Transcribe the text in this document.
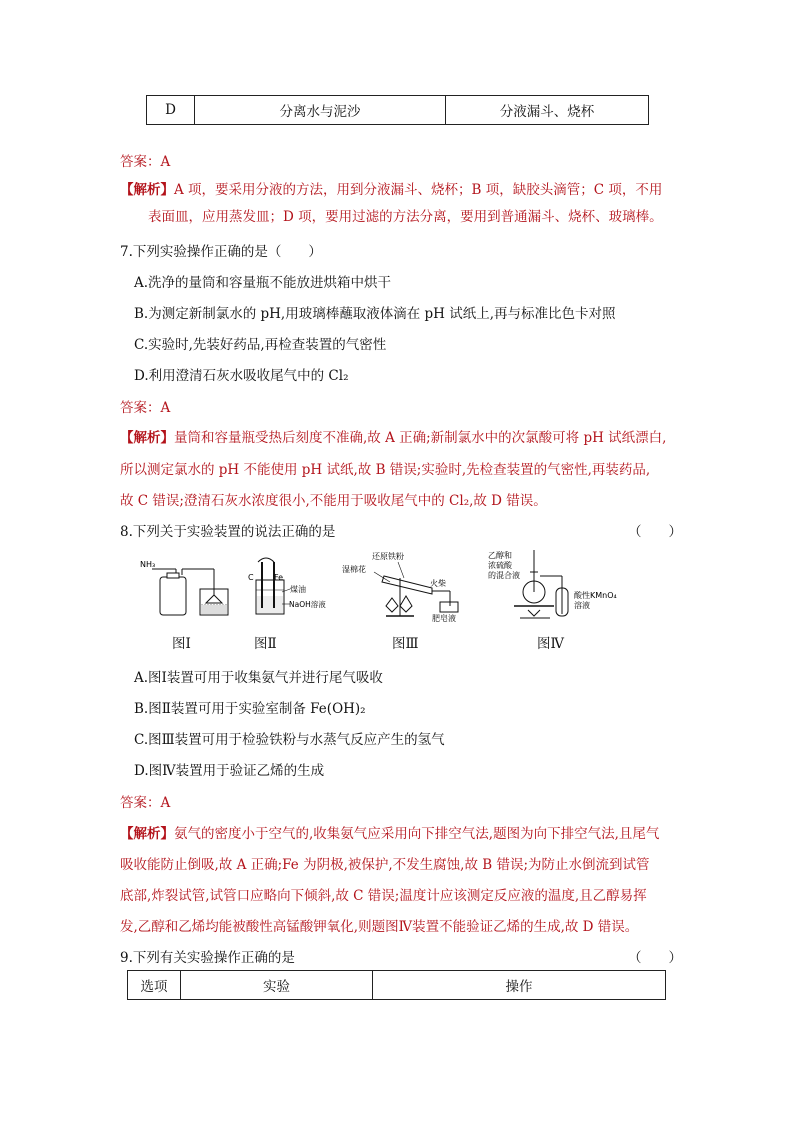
D	分离水与泥沙	分液漏斗、烧杯
答案：A
【解析】A 项，要采用分液的方法，用到分液漏斗、烧杯；B 项，缺胶头滴管；C 项，不用
表面皿，应用蒸发皿；D 项，要用过滤的方法分离，要用到普通漏斗、烧杯、玻璃棒。
7.下列实验操作正确的是（　　）
A.洗净的量筒和容量瓶不能放进烘箱中烘干
B.为测定新制氯水的 pH,用玻璃棒蘸取液体滴在 pH 试纸上,再与标准比色卡对照
C.实验时,先装好药品,再检查装置的气密性
D.利用澄清石灰水吸收尾气中的 Cl₂
答案：A
【解析】量筒和容量瓶受热后刻度不准确,故 A 正确;新制氯水中的次氯酸可将 pH 试纸漂白,
所以测定氯水的 pH 不能使用 pH 试纸,故 B 错误;实验时,先检查装置的气密性,再装药品,
故 C 错误;澄清石灰水浓度很小,不能用于吸收尾气中的 Cl₂,故 D 错误。
8.下列关于实验装置的说法正确的是	（　　）
NH₃
图Ⅰ
C	Fe
煤油
NaOH溶液
图Ⅱ
还原铁粉
湿棉花
火柴
肥皂液
图Ⅲ
乙醇和
浓硫酸
的混合液
酸性KMnO₄
溶液
图Ⅳ
A.图Ⅰ装置可用于收集氨气并进行尾气吸收
B.图Ⅱ装置可用于实验室制备 Fe(OH)₂
C.图Ⅲ装置可用于检验铁粉与水蒸气反应产生的氢气
D.图Ⅳ装置用于验证乙烯的生成
答案：A
【解析】氨气的密度小于空气的,收集氨气应采用向下排空气法,题图为向下排空气法,且尾气
吸收能防止倒吸,故 A 正确;Fe 为阴极,被保护,不发生腐蚀,故 B 错误;为防止水倒流到试管
底部,炸裂试管,试管口应略向下倾斜,故 C 错误;温度计应该测定反应液的温度,且乙醇易挥
发,乙醇和乙烯均能被酸性高锰酸钾氧化,则题图Ⅳ装置不能验证乙烯的生成,故 D 错误。
9.下列有关实验操作正确的是	（　　）
选项	实验	操作
